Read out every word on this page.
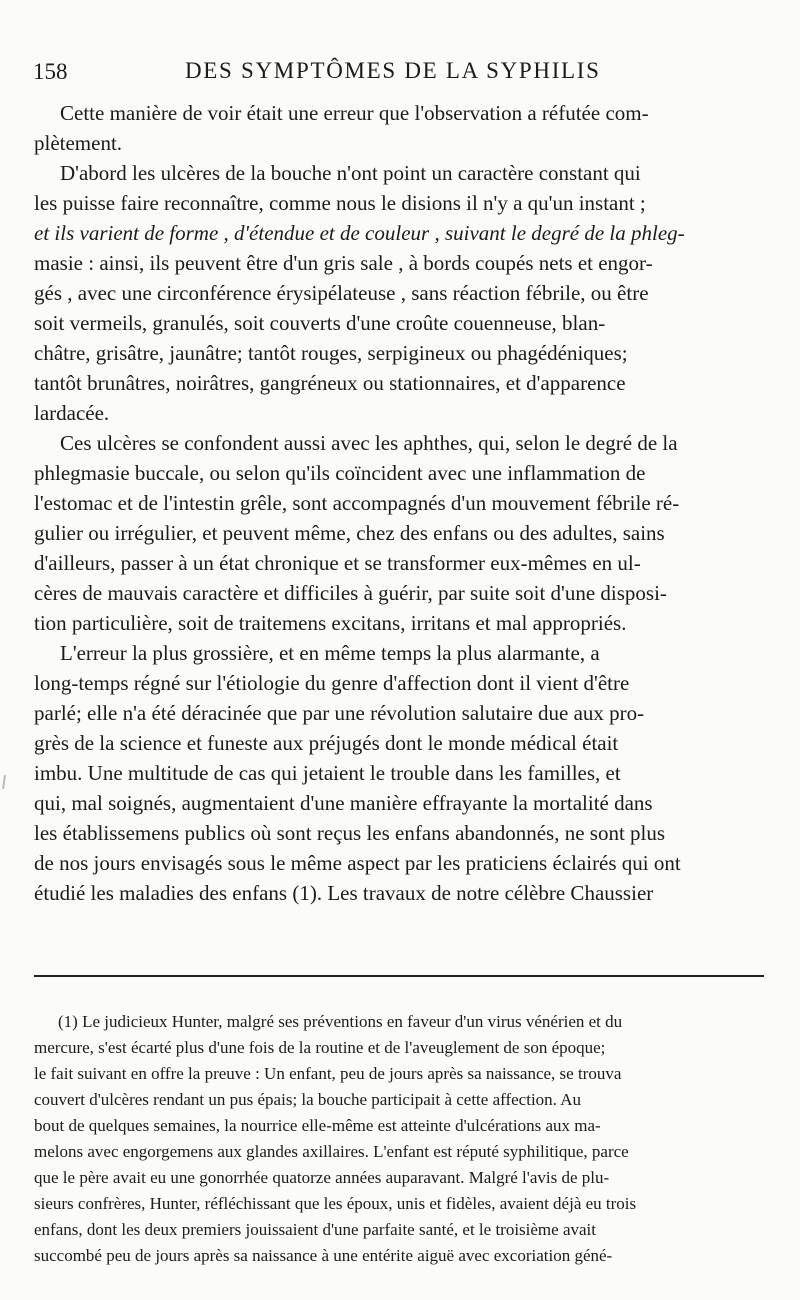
158	DES SYMPTÔMES DE LA SYPHILIS
Cette manière de voir était une erreur que l'observation a réfutée com-
plètement.
D'abord les ulcères de la bouche n'ont point un caractère constant qui
les puisse faire reconnaître, comme nous le disions il n'y a qu'un instant ;
et ils varient de forme , d'étendue et de couleur , suivant le degré de la phleg-
masie : ainsi, ils peuvent être d'un gris sale , à bords coupés nets et engor-
gés , avec une circonférence érysipélateuse , sans réaction fébrile, ou être
soit vermeils, granulés, soit couverts d'une croûte couenneuse, blan-
châtre, grisâtre, jaunâtre; tantôt rouges, serpigineux ou phagédéniques;
tantôt brunâtres, noirâtres, gangréneux ou stationnaires, et d'apparence
lardacée.
Ces ulcères se confondent aussi avec les aphthes, qui, selon le degré de la
phlegmasie buccale, ou selon qu'ils coïncident avec une inflammation de
l'estomac et de l'intestin grêle, sont accompagnés d'un mouvement fébrile ré-
gulier ou irrégulier, et peuvent même, chez des enfans ou des adultes, sains
d'ailleurs, passer à un état chronique et se transformer eux-mêmes en ul-
cères de mauvais caractère et difficiles à guérir, par suite soit d'une disposi-
tion particulière, soit de traitemens excitans, irritans et mal appropriés.
L'erreur la plus grossière, et en même temps la plus alarmante, a
long-temps régné sur l'étiologie du genre d'affection dont il vient d'être
parlé; elle n'a été déracinée que par une révolution salutaire due aux pro-
grès de la science et funeste aux préjugés dont le monde médical était
imbu. Une multitude de cas qui jetaient le trouble dans les familles, et
qui, mal soignés, augmentaient d'une manière effrayante la mortalité dans
les établissemens publics où sont reçus les enfans abandonnés, ne sont plus
de nos jours envisagés sous le même aspect par les praticiens éclairés qui ont
étudié les maladies des enfans (1). Les travaux de notre célèbre Chaussier
(1) Le judicieux Hunter, malgré ses préventions en faveur d'un virus vénérien et du
mercure, s'est écarté plus d'une fois de la routine et de l'aveuglement de son époque;
le fait suivant en offre la preuve : Un enfant, peu de jours après sa naissance, se trouva
couvert d'ulcères rendant un pus épais; la bouche participait à cette affection. Au
bout de quelques semaines, la nourrice elle-même est atteinte d'ulcérations aux ma-
melons avec engorgemens aux glandes axillaires. L'enfant est réputé syphilitique, parce
que le père avait eu une gonorrhée quatorze années auparavant. Malgré l'avis de plu-
sieurs confrères, Hunter, réfléchissant que les époux, unis et fidèles, avaient déjà eu trois
enfans, dont les deux premiers jouissaient d'une parfaite santé, et le troisième avait
succombé peu de jours après sa naissance à une entérite aiguë avec excoriation géné-
